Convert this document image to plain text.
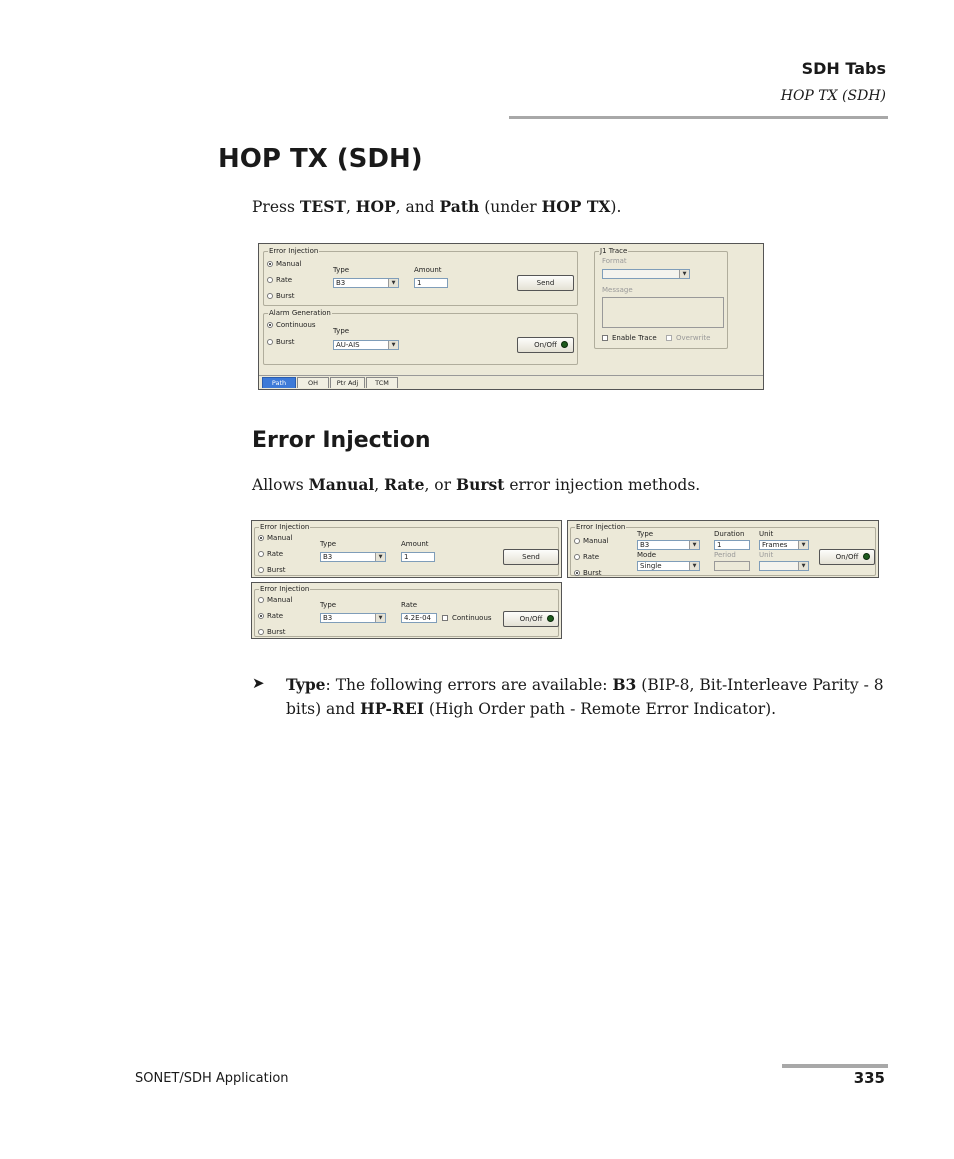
SDH Tabs
HOP TX (SDH)
HOP TX (SDH)
Press TEST, HOP, and Path (under HOP TX).
Error Injection
Manual
Rate
Burst
Type
B3	▼
Amount
1	Send
Alarm Generation
Continuous
Burst
Type
AU-AIS	▼	On/Off
J1 Trace
Format
▼
Message
Enable Trace	Overwrite
Path	OH	Ptr Adj	TCM
Error Injection
Allows Manual, Rate, or Burst error injection methods.
Error Injection
Manual
Rate
Burst
Type
B3	▼
Amount
1	Send
Error Injection
Manual
Rate
Burst
Type
B3	▼
Mode
Single	▼
Duration
1
Period
Unit
Frames	▼
Unit
▼
On/Off
Error Injection
Manual
Rate
Burst
Type
B3	▼
Rate
4.2E-04	Continuous	On/Off
➤ Type: The following errors are available: B3 (BIP-8, Bit-Interleave Parity - 8 bits) and HP-REI (High Order path - Remote Error Indicator).
SONET/SDH Application	335
